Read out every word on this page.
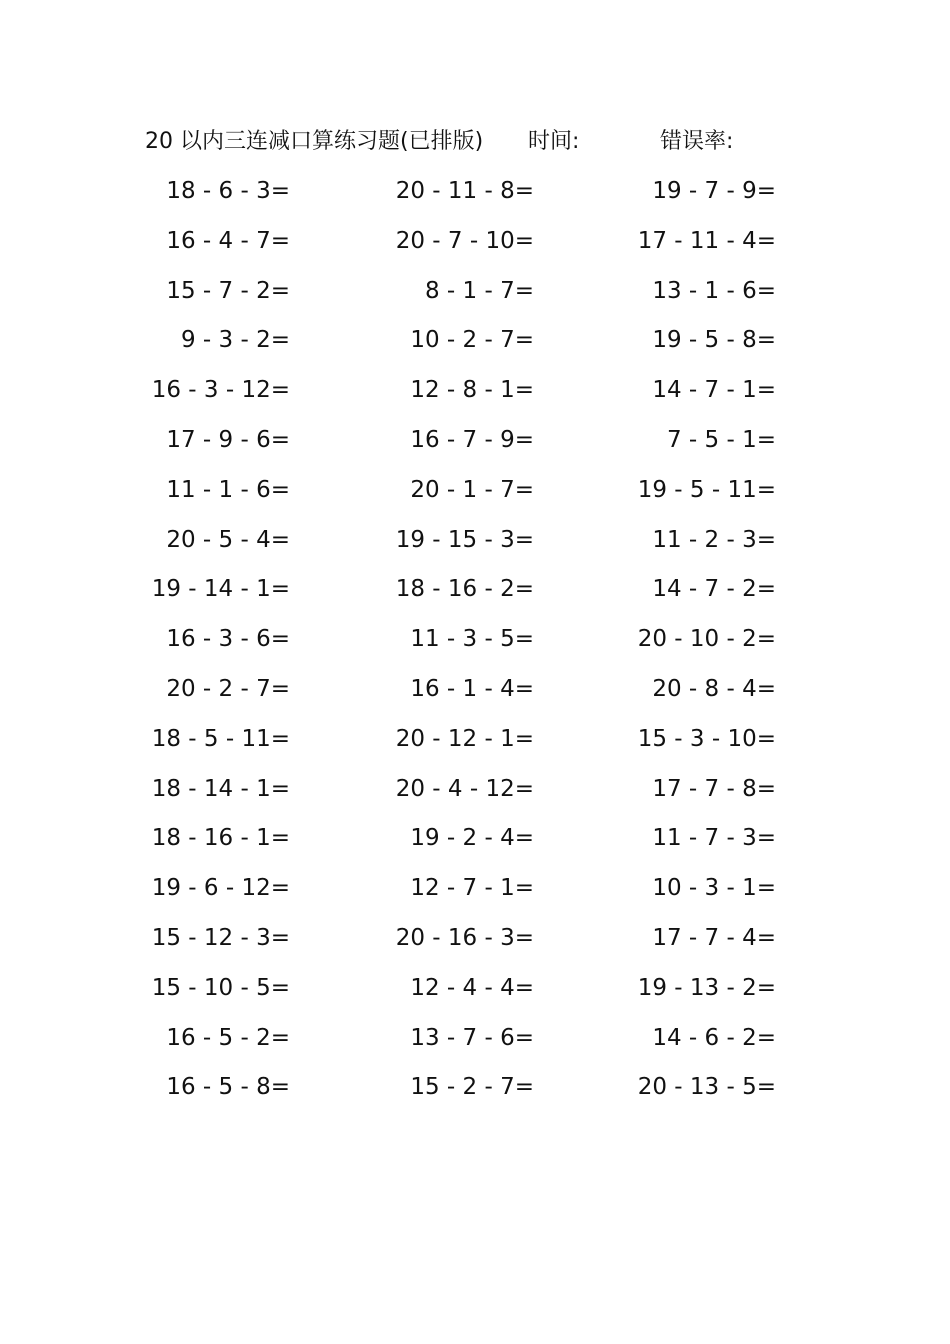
20 以内三连减口算练习题(已排版) 时间:	错误率:
18 - 6 - 3=	20 - 11 - 8=	19 - 7 - 9=
16 - 4 - 7=	20 - 7 - 10=	17 - 11 - 4=
15 - 7 - 2=	8 - 1 - 7=	13 - 1 - 6=
9 - 3 - 2=	10 - 2 - 7=	19 - 5 - 8=
16 - 3 - 12=	12 - 8 - 1=	14 - 7 - 1=
17 - 9 - 6=	16 - 7 - 9=	7 - 5 - 1=
11 - 1 - 6=	20 - 1 - 7=	19 - 5 - 11=
20 - 5 - 4=	19 - 15 - 3=	11 - 2 - 3=
19 - 14 - 1=	18 - 16 - 2=	14 - 7 - 2=
16 - 3 - 6=	11 - 3 - 5=	20 - 10 - 2=
20 - 2 - 7=	16 - 1 - 4=	20 - 8 - 4=
18 - 5 - 11=	20 - 12 - 1=	15 - 3 - 10=
18 - 14 - 1=	20 - 4 - 12=	17 - 7 - 8=
18 - 16 - 1=	19 - 2 - 4=	11 - 7 - 3=
19 - 6 - 12=	12 - 7 - 1=	10 - 3 - 1=
15 - 12 - 3=	20 - 16 - 3=	17 - 7 - 4=
15 - 10 - 5=	12 - 4 - 4=	19 - 13 - 2=
16 - 5 - 2=	13 - 7 - 6=	14 - 6 - 2=
16 - 5 - 8=	15 - 2 - 7=	20 - 13 - 5=
